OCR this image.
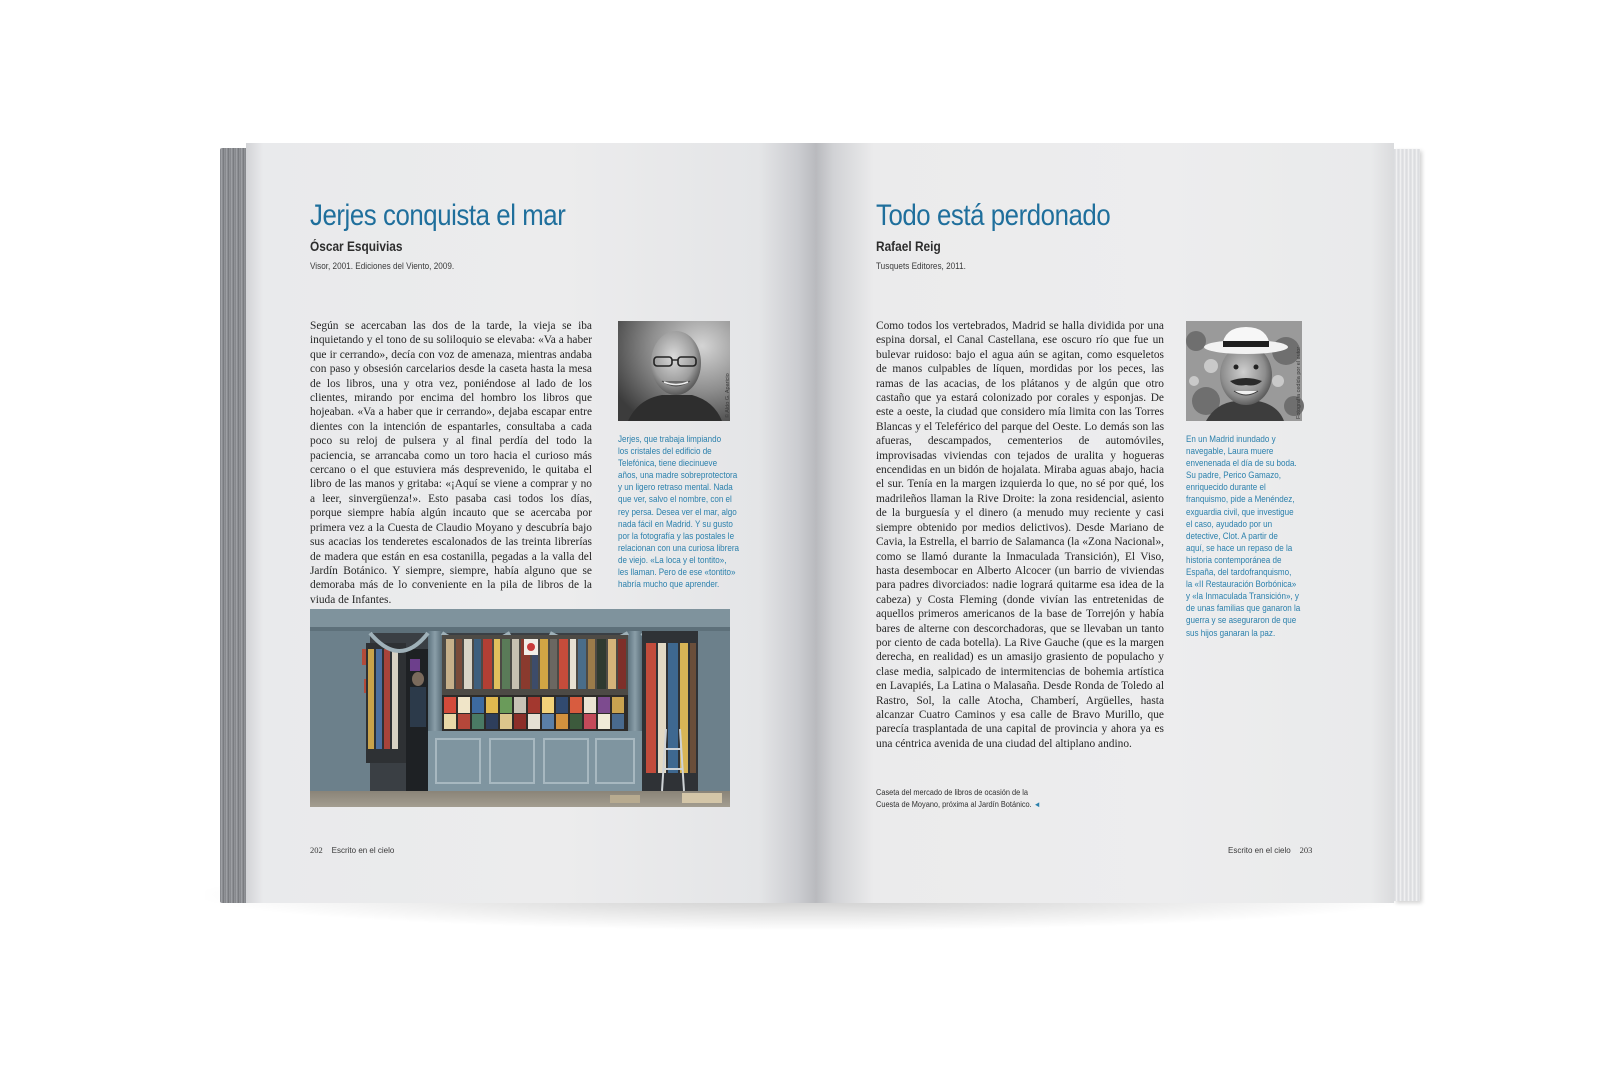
Jerjes conquista el mar
Óscar Esquivias
Visor, 2001. Ediciones del Viento, 2009.
Según se acercaban las dos de la tarde, la vieja se iba inquietando y el tono de su soliloquio se elevaba: «Va a haber que ir cerrando», decía con voz de amenaza, mientras andaba con paso y obsesión carcelarios desde la caseta hasta la mesa de los libros, una y otra vez, poniéndose al lado de los clientes, mirando por encima del hombro los libros que hojeaban. «Va a haber que ir cerrando», dejaba escapar entre dientes con la intención de espantarles, consultaba a cada poco su reloj de pulsera y al final perdía del todo la paciencia, se arrancaba como un toro hacia el curioso más cercano o el que estuviera más desprevenido, le quitaba el libro de las manos y gritaba: «¡Aquí se viene a comprar y no a leer, sinvergüenza!». Esto pasaba casi todos los días, porque siempre había algún incauto que se acercaba por primera vez a la Cuesta de Claudio Moyano y descubría bajo sus acacias los tenderetes escalonados de las treinta librerías de madera que están en esa costanilla, pegadas a la valla del Jardín Botánico. Y siempre, siempre, había alguno que se demoraba más de lo conveniente en la pila de libros de la viuda de Infantes.
© Aldo G. Aparicio
Jerjes, que trabaja limpiando
los cristales del edificio de
Telefónica, tiene diecinueve
años, una madre sobreprotectora
y un ligero retraso mental. Nada
que ver, salvo el nombre, con el
rey persa. Desea ver el mar, algo
nada fácil en Madrid. Y su gusto
por la fotografía y las postales le
relacionan con una curiosa librera
de viejo. «La loca y el tontito»,
les llaman. Pero de ese «tontito»
habría mucho que aprender.
202 Escrito en el cielo
Todo está perdonado
Rafael Reig
Tusquets Editores, 2011.
Como todos los vertebrados, Madrid se halla dividida por una espina dorsal, el Canal Castellana, ese oscuro río que fue un bulevar ruidoso: bajo el agua aún se agitan, como esqueletos de manos culpables de líquen, mordidas por los peces, las ramas de las acacias, de los plátanos y de algún que otro castaño que ya estará colonizado por corales y esponjas. De este a oeste, la ciudad que considero mía limita con las Torres Blancas y el Teleférico del parque del Oeste. Lo demás son las afueras, descampados, cementerios de automóviles, improvisadas viviendas con tejados de uralita y hogueras encendidas en un bidón de hojalata. Miraba aguas abajo, hacia el sur. Tenía en la margen izquierda lo que, no sé por qué, los madrileños llaman la Rive Droite: la zona residencial, asiento de la burguesía y el dinero (a menudo muy reciente y casi siempre obtenido por medios delictivos). Desde Mariano de Cavia, la Estrella, el barrio de Salamanca (la «Zona Nacional», como se llamó durante la Inmaculada Transición), El Viso, hasta desembocar en Alberto Alcocer (un barrio de viviendas para padres divorciados: nadie logrará quitarme esa idea de la cabeza) y Costa Fleming (donde vivían las entretenidas de aquellos primeros americanos de la base de Torrejón y había bares de alterne con descorchadoras, que se llevaban un tanto por ciento de cada botella). La Rive Gauche (que es la margen derecha, en realidad) es un amasijo grasiento de populacho y clase media, salpicado de intermitencias de bohemia artística en Lavapiés, La Latina o Malasaña. Desde Ronda de Toledo al Rastro, Sol, la calle Atocha, Chamberí, Argüelles, hasta alcanzar Cuatro Caminos y esa calle de Bravo Murillo, que parecía trasplantada de una capital de provincia y ahora ya es una céntrica avenida de una ciudad del altiplano andino.
Fotografía cedida por el autor
En un Madrid inundado y
navegable, Laura muere
envenenada el día de su boda.
Su padre, Perico Gamazo,
enriquecido durante el
franquismo, pide a Menéndez,
exguardia civil, que investigue
el caso, ayudado por un
detective, Clot. A partir de
aquí, se hace un repaso de la
historia contemporánea de
España, del tardofranquismo,
la «II Restauración Borbónica»
y «la Inmaculada Transición», y
de unas familias que ganaron la
guerra y se aseguraron de que
sus hijos ganaran la paz.
Caseta del mercado de libros de ocasión de la
Cuesta de Moyano, próxima al Jardín Botánico. ◄
Escrito en el cielo 203
